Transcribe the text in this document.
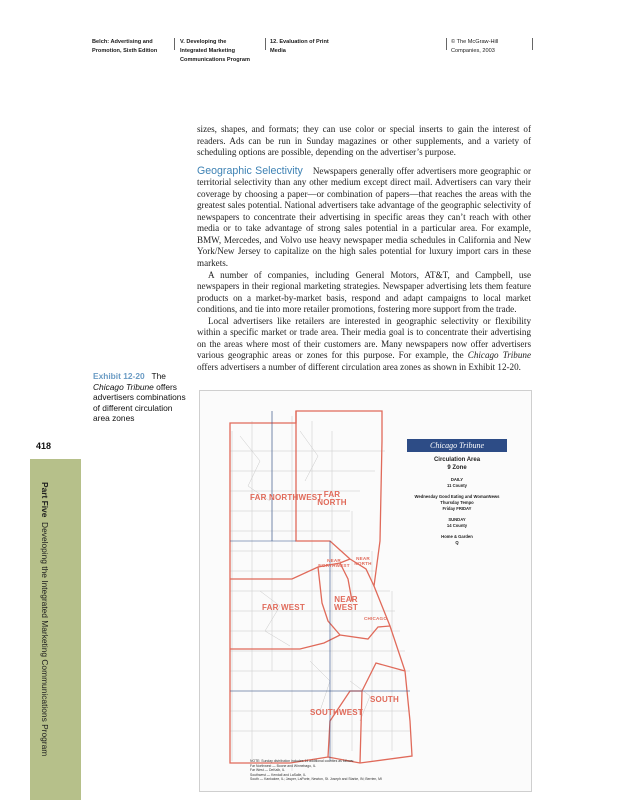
Belch: Advertising and
Promotion, Sixth Edition
V. Developing the
Integrated Marketing
Communications Program
12. Evaluation of Print
Media
© The McGraw-Hill
Companies, 2003
418
Part Five  Developing the Integrated Marketing Communications Program

sizes, shapes, and formats; they can use color or special inserts to gain the interest of readers. Ads can be run in Sunday magazines or other supplements, and a variety of scheduling options are possible, depending on the advertiser’s purpose.

Geographic Selectivity Newspapers generally offer advertisers more geographic or territorial selectivity than any other medium except direct mail. Advertisers can vary their coverage by choosing a paper—or combination of papers—that reaches the areas with the greatest sales potential. National advertisers take advantage of the geographic selectivity of newspapers to concentrate their advertising in specific areas they can’t reach with other media or to take advantage of strong sales potential in a particular area. For example, BMW, Mercedes, and Volvo use heavy newspaper media schedules in California and New York/New Jersey to capitalize on the high sales potential for luxury import cars in these markets.

A number of companies, including General Motors, AT&T, and Campbell, use newspapers in their regional marketing strategies. Newspaper advertising lets them feature products on a market-by-market basis, respond and adapt campaigns to local market conditions, and tie into more retailer promotions, fostering more support from the trade.

Local advertisers like retailers are interested in geographic selectivity or flexibility within a specific market or trade area. Their media goal is to concentrate their advertising on the areas where most of their customers are. Many newspapers now offer advertisers various geographic areas or zones for this purpose. For example, the Chicago Tribune offers advertisers a number of different circulation area zones as shown in Exhibit 12-20.

Exhibit 12-20 The Chicago Tribune offers advertisers combinations of different circulation area zones
FAR NORTHWEST FAR NORTH
NEAR NORTHWEST
NEAR NORTH
FAR WEST
NEAR WEST
CHICAGO
SOUTHWEST
SOUTH
Chicago Tribune
Circulation Area
9 Zone
DAILY
11 County
Wednesday Good Eating and WomanNews
Thursday Tempo
Friday FRIDAY
SUNDAY
14 County
Home & Garden
Q
NOTE: Sunday distribution includes 14 additional counties as follows:
Far Northwest — Boone and Winnebago, IL
Far West — DeKalb, IL
Southwest — Kendall and LaSalle, IL
South — Kankakee, IL; Jasper, LaPorte, Newton, St. Joseph and Starke, IN; Berrien, MI
